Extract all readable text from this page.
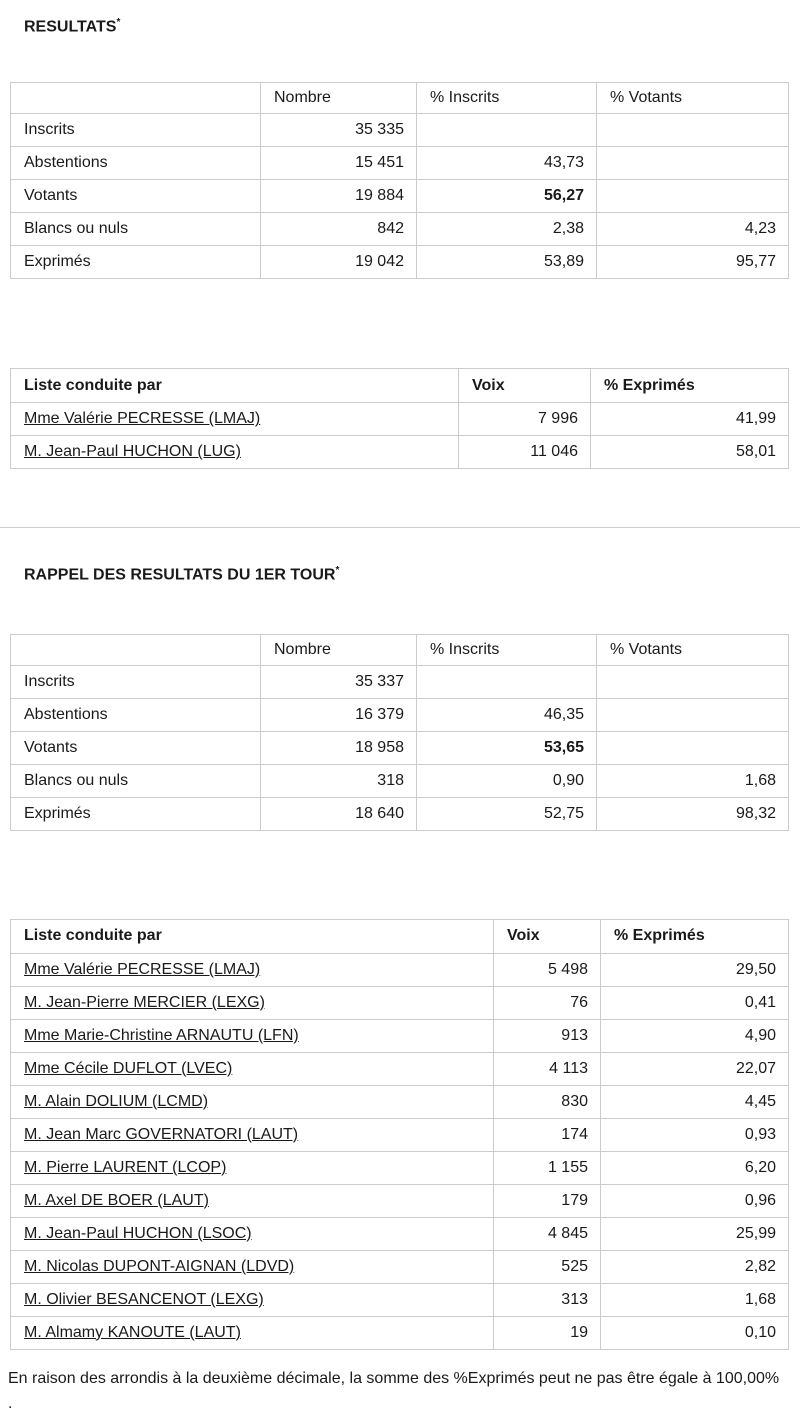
RESULTATS*
	Nombre	% Inscrits	% Votants
Inscrits	35 335		
Abstentions	15 451	43,73	
Votants	19 884	56,27	
Blancs ou nuls	842	2,38	4,23
Exprimés	19 042	53,89	95,77
Liste conduite par	Voix	% Exprimés
Mme Valérie PECRESSE (LMAJ)	7 996	41,99
M. Jean-Paul HUCHON (LUG)	11 046	58,01
RAPPEL DES RESULTATS DU 1ER TOUR*
	Nombre	% Inscrits	% Votants
Inscrits	35 337		
Abstentions	16 379	46,35	
Votants	18 958	53,65	
Blancs ou nuls	318	0,90	1,68
Exprimés	18 640	52,75	98,32
Liste conduite par	Voix	% Exprimés
Mme Valérie PECRESSE (LMAJ)	5 498	29,50
M. Jean-Pierre MERCIER (LEXG)	76	0,41
Mme Marie-Christine ARNAUTU (LFN)	913	4,90
Mme Cécile DUFLOT (LVEC)	4 113	22,07
M. Alain DOLIUM (LCMD)	830	4,45
M. Jean Marc GOVERNATORI (LAUT)	174	0,93
M. Pierre LAURENT (LCOP)	1 155	6,20
M. Axel DE BOER (LAUT)	179	0,96
M. Jean-Paul HUCHON (LSOC)	4 845	25,99
M. Nicolas DUPONT-AIGNAN (LDVD)	525	2,82
M. Olivier BESANCENOT (LEXG)	313	1,68
M. Almamy KANOUTE (LAUT)	19	0,10
En raison des arrondis à la deuxième décimale, la somme des %Exprimés peut ne pas être égale à 100,00% .
